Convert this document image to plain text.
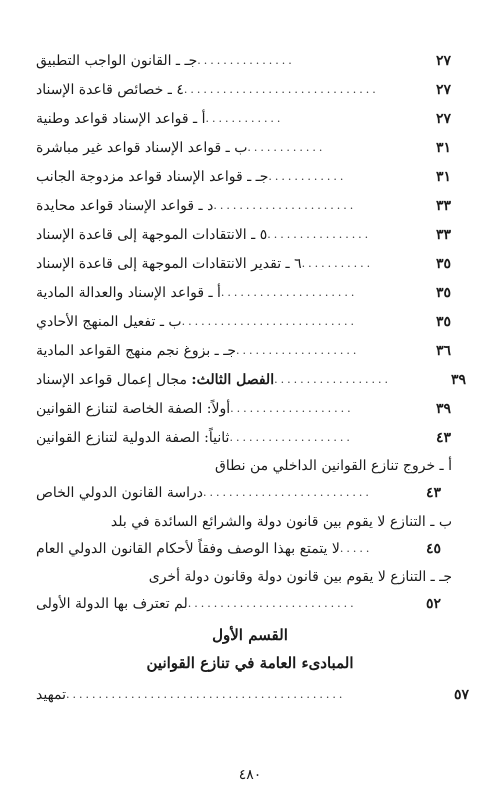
جـ ـ القانون الواجب التطبيق ...............	٢٧
٤ ـ خصائص قاعدة الإسناد ..............................	٢٧
أ ـ قواعد الإسناد قواعد وطنية ............	٢٧
ب ـ قواعد الإسناد قواعد غير مباشرة ............	٣١
جـ ـ قواعد الإسناد قواعد مزدوجة الجانب ............	٣١
د ـ قواعد الإسناد قواعد محايدة ......................	٣٣
٥ ـ الانتقادات الموجهة إلى قاعدة الإسناد ................	٣٣
٦ ـ تقدير الانتقادات الموجهة إلى قاعدة الإسناد ...........	٣٥
أ ـ قواعد الإسناد والعدالة المادية .....................	٣٥
ب ـ تفعيل المنهج الأحادي ...........................	٣٥
جـ ـ بزوغ نجم منهج القواعد المادية ...................	٣٦
الفصل الثالث: مجال إعمال قواعد الإسناد	..................	٣٩
أولاً: الصفة الخاصة لتنازع القوانين ...................	٣٩
ثانياً: الصفة الدولية لتنازع القوانين ...................	٤٣
أ ـ خروج تنازع القوانين الداخلي من نطاق
دراسة القانون الدولي الخاص ..........................	٤٣
ب ـ التنازع لا يقوم بين قانون دولة والشرائع السائدة في بلد
لا يتمتع بهذا الوصف وفقاً لأحكام القانون الدولي العام .....	٤٥
جـ ـ التنازع لا يقوم بين قانون دولة وقانون دولة أخرى
لم تعترف بها الدولة الأولى ..........................	٥٢
القسم الأول
المبادىء العامة في تنازع القوانين
تمهيد ...........................................	٥٧
٤٨٠
